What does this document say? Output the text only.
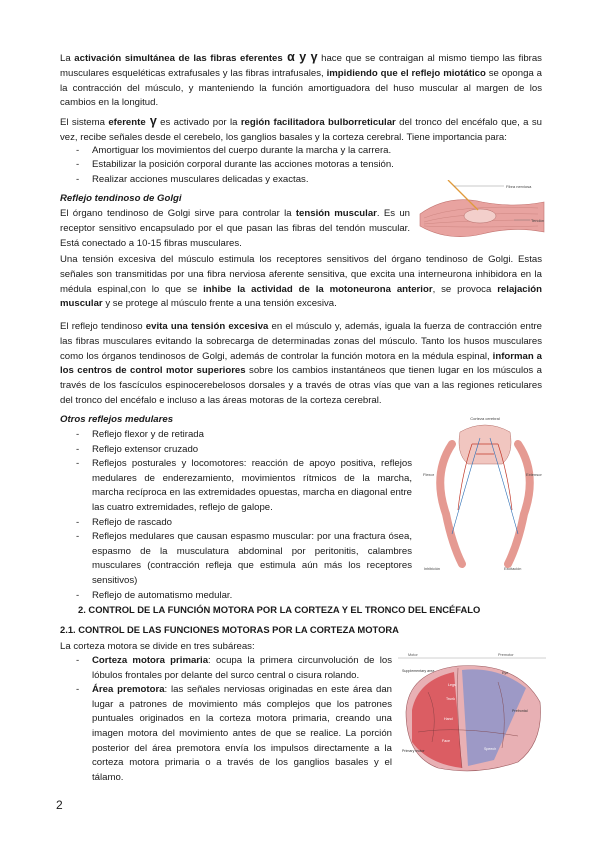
La activación simultánea de las fibras eferentes α y γ hace que se contraigan al mismo tiempo las fibras musculares esqueléticas extrafusales y las fibras intrafusales, impidiendo que el reflejo miotático se oponga a la contracción del músculo, y manteniendo la función amortiguadora del huso muscular al margen de los cambios en la longitud.

El sistema eferente γ es activado por la región facilitadora bulborreticular del tronco del encéfalo que, a su vez, recibe señales desde el cerebelo, los ganglios basales y la corteza cerebral. Tiene importancia para:

- Amortiguar los movimientos del cuerpo durante la marcha y la carrera.
- Estabilizar la posición corporal durante las acciones motoras a tensión.
- Realizar acciones musculares delicadas y exactas.

Reflejo tendinoso de Golgi

El órgano tendinoso de Golgi sirve para controlar la tensión muscular. Es un receptor sensitivo encapsulado por el que pasan las fibras del tendón muscular. Está conectado a 10-15 fibras musculares.

Fibra nerviosa
Tendón

Una tensión excesiva del músculo estimula los receptores sensitivos del órgano tendinoso de Golgi. Estas señales son transmitidas por una fibra nerviosa aferente sensitiva, que excita una interneurona inhibidora en la médula espinal,con lo que se inhibe la actividad de la motoneurona anterior, se provoca relajación muscular y se protege al músculo frente a una tensión excesiva.

El reflejo tendinoso evita una tensión excesiva en el músculo y, además, iguala la fuerza de contracción entre las fibras musculares evitando la sobrecarga de determinadas zonas del músculo. Tanto los husos musculares como los órganos tendinosos de Golgi, además de controlar la función motora en la médula espinal, informan a los centros de control motor superiores sobre los cambios instantáneos que tienen lugar en los músculos a través de los fascículos espinocerebelosos dorsales y a través de otras vías que van a las regiones reticulares del tronco del encéfalo e incluso a las áreas motoras de la corteza cerebral.

Otros reflejos medulares

- Reflejo flexor y de retirada
- Reflejo extensor cruzado
- Reflejos posturales y locomotores: reacción de apoyo positiva, reflejos medulares de enderezamiento, movimientos rítmicos de la marcha, marcha recíproca en las extremidades opuestas, marcha en diagonal entre las cuatro extremidades, reflejo de galope.
- Reflejo de rascado
- Reflejos medulares que causan espasmo muscular: por una fractura ósea, espasmo de la musculatura abdominal por peritonitis, calambres musculares (contracción refleja que estimula aún más los receptores sensitivos)
- Reflejo de automatismo medular.
Corteza cerebral
Flexor	Extensor
Inhibición	Excitación

2. CONTROL DE LA FUNCIÓN MOTORA POR LA CORTEZA Y EL TRONCO DEL ENCÉFALO

2.1. CONTROL DE LAS FUNCIONES MOTORAS POR LA CORTEZA MOTORA

La corteza motora se divide en tres subáreas:

- Corteza motora primaria: ocupa la primera circunvolución de los lóbulos frontales por delante del surco central o cisura rolando.
- Área premotora: las señales nerviosas originadas en este área dan lugar a patrones de movimiento más complejos que los patrones puntuales originados en la corteza motora primaria, creando una imagen motora del movimiento antes de que se realice. La porción posterior del área premotora envía los impulsos directamente a la corteza motora primaria o a través de los ganglios basales y el tálamo.
Motor	Premotor
Supplementary area
Primary motor
Eye
Face
Hand
Trunk
Legs
Speech
Prefrontal
2
